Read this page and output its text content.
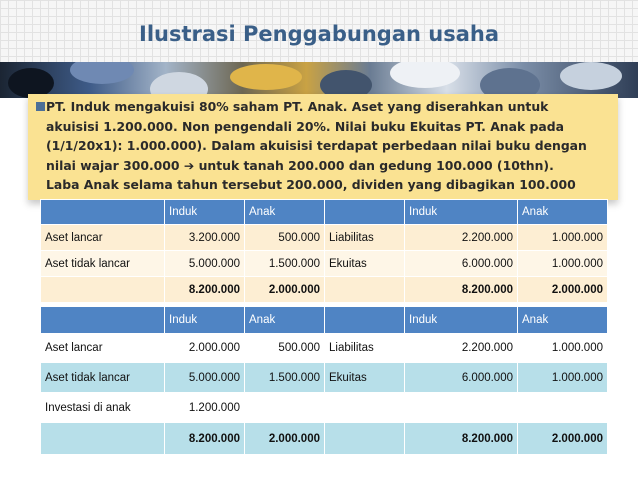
Ilustrasi Penggabungan usaha
PT. Induk mengakuisi 80% saham PT. Anak. Aset yang diserahkan untuk
akuisisi 1.200.000. Non pengendali 20%. Nilai buku Ekuitas PT. Anak pada
(1/1/20x1): 1.000.000). Dalam akuisisi terdapat perbedaan nilai buku dengan
nilai wajar 300.000 ➔ untuk tanah 200.000 dan gedung 100.000 (10thn).
Laba Anak selama tahun tersebut 200.000, dividen yang dibagikan 100.000
	Induk	Anak		Induk	Anak
Aset lancar	3.200.000	500.000	Liabilitas	2.200.000	1.000.000
Aset tidak lancar	5.000.000	1.500.000	Ekuitas	6.000.000	1.000.000
	8.200.000	2.000.000		8.200.000	2.000.000
	Induk	Anak		Induk	Anak
Aset lancar	2.000.000	500.000	Liabilitas	2.200.000	1.000.000
Aset tidak lancar	5.000.000	1.500.000	Ekuitas	6.000.000	1.000.000
Investasi di anak	1.200.000				
	8.200.000	2.000.000		8.200.000	2.000.000
